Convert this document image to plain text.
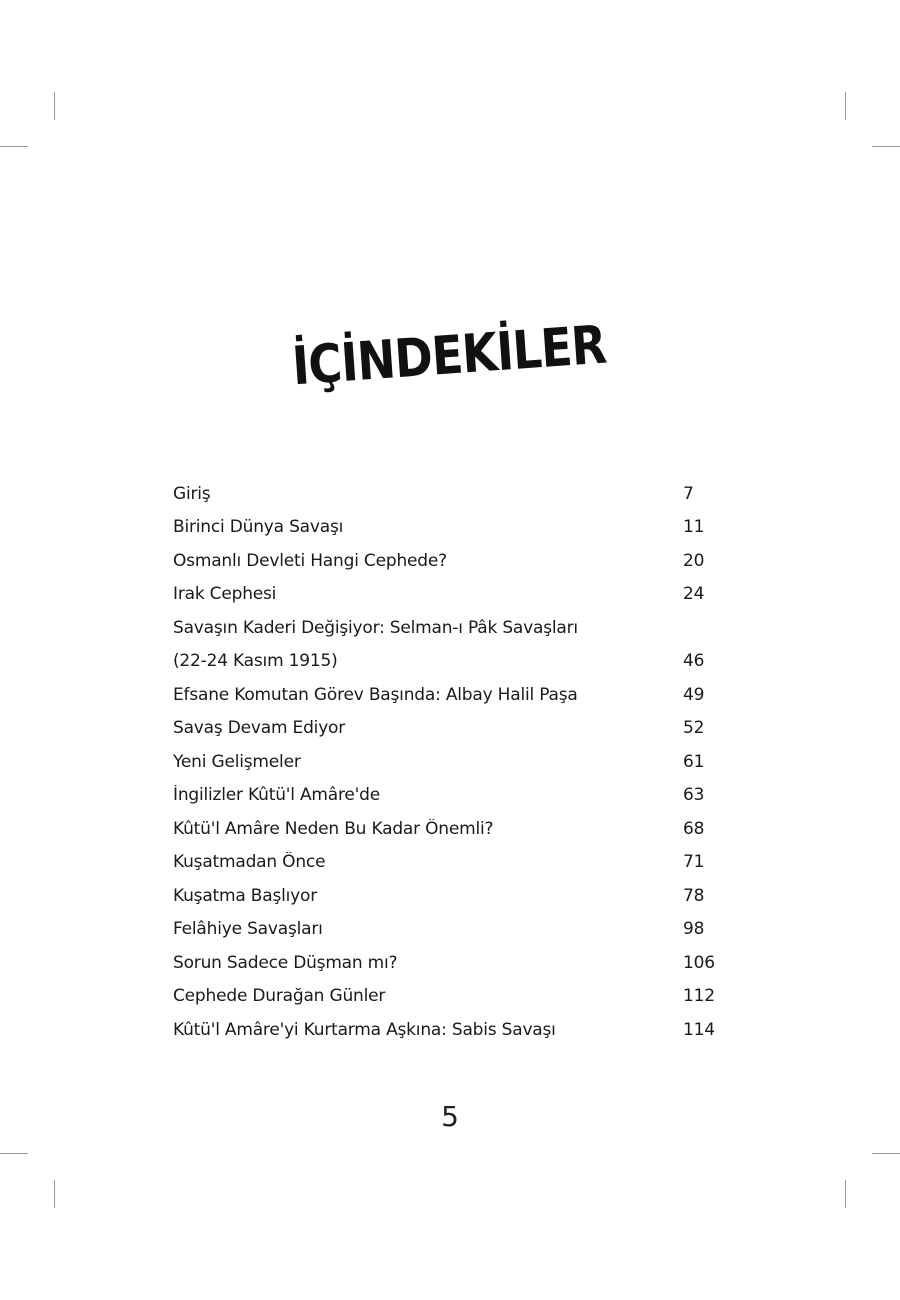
İÇİNDEKİLER
Giriş	7
Birinci Dünya Savaşı	11
Osmanlı Devleti Hangi Cephede?	20
Irak Cephesi	24
Savaşın Kaderi Değişiyor: Selman-ı Pâk Savaşları
(22-24 Kasım 1915)	46
Efsane Komutan Görev Başında: Albay Halil Paşa	49
Savaş Devam Ediyor	52
Yeni Gelişmeler	61
İngilizler Kûtü'l Amâre'de	63
Kûtü'l Amâre Neden Bu Kadar Önemli?	68
Kuşatmadan Önce	71
Kuşatma Başlıyor	78
Felâhiye Savaşları	98
Sorun Sadece Düşman mı?	106
Cephede Durağan Günler	112
Kûtü'l Amâre'yi Kurtarma Aşkına: Sabis Savaşı	114
5
